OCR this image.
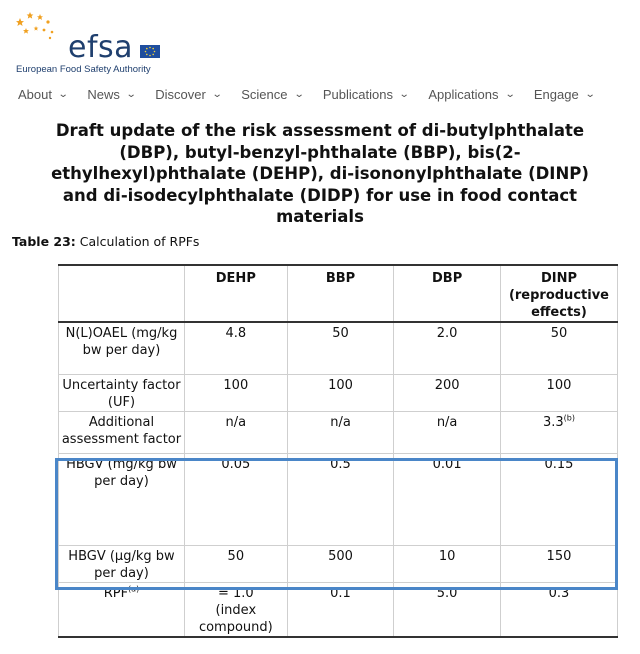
efsa
European Food Safety Authority
About ⌄ News ⌄ Discover ⌄ Science ⌄ Publications ⌄ Applications ⌄ Engage ⌄
Draft update of the risk assessment of di-butylphthalate
(DBP), butyl-benzyl-phthalate (BBP), bis(2-
ethylhexyl)phthalate (DEHP), di-isononylphthalate (DINP)
and di-isodecylphthalate (DIDP) for use in food contact
materials
Table 23: Calculation of RPFs
	DEHP	BBP	DBP	DINP (reproductive effects)
N(L)OAEL (mg/kg bw per day)	4.8	50	2.0	50
Uncertainty factor (UF)	100	100	200	100
Additional assessment factor	n/a	n/a	n/a	3.3$^{(b)}$
HBGV (mg/kg bw per day)	0.05	0.5	0.01	0.15
HBGV (µg/kg bw per day)	50	500	10	150
$RPF^{(a)}$	= 1.0 (index compound)	0.1	5.0	0.3
